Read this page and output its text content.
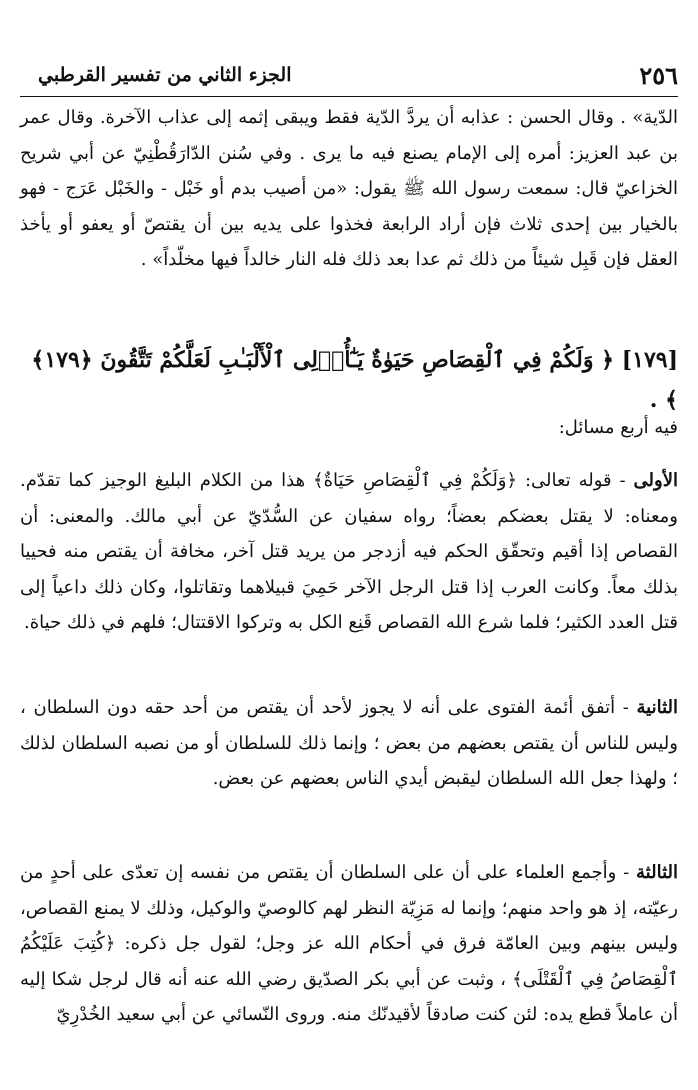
٢٥٦
الجزء الثاني من تفسير القرطبي

الدّية» . وقال الحسن : عذابه أن يردَّ الدّية فقط ويبقى إثمه إلى عذاب الآخرة. وقال عمر بن عبد العزيز: أمره إلى الإمام يصنع فيه ما يرى . وفي سُنن الدّارَقُطْنِيّ عن أبي شريح الخزاعيّ قال: سمعت رسول الله ﷺ يقول: «من أصيب بدم أو خَبْل - والخَبْل عَرَج - فهو بالخيار بين إحدى ثلاث فإن أراد الرابعة فخذوا على يديه بين أن يقتصّ أو يعفو أو يأخذ العقل فإن قَبِل شيئاً من ذلك ثم عدا بعد ذلك فله النار خالداً فيها مخلّداً» .

[١٧٩] ﴿ وَلَكُمْ فِي ٱلْقِصَاصِ حَيَوٰةٌ يَـٰٓأُو۟لِى ٱلْأَلْبَـٰبِ لَعَلَّكُمْ تَتَّقُونَ ﴿١٧٩﴾ ﴾ .

فيه أربع مسائل:

الأولى - قوله تعالى: ﴿وَلَكُمْ فِي ٱلْقِصَاصِ حَيَاةٌ﴾ هذا من الكلام البليغ الوجيز كما تقدّم. ومعناه: لا يقتل بعضكم بعضاً؛ رواه سفيان عن السُّدّيّ عن أبي مالك. والمعنى: أن القصاص إذا أقيم وتحقّق الحكم فيه أزدجر من يريد قتل آخر، مخافة أن يقتص منه فحييا بذلك معاً. وكانت العرب إذا قتل الرجل الآخر حَمِيَ قبيلاهما وتقاتلوا، وكان ذلك داعياً إلى قتل العدد الكثير؛ فلما شرع الله القصاص قَنِع الكل به وتركوا الاقتتال؛ فلهم في ذلك حياة.

الثانية - أتفق أئمة الفتوى على أنه لا يجوز لأحد أن يقتص من أحد حقه دون السلطان ، وليس للناس أن يقتص بعضهم من بعض ؛ وإنما ذلك للسلطان أو من نصبه السلطان لذلك ؛ ولهذا جعل الله السلطان ليقبض أيدي الناس بعضهم عن بعض.

الثالثة - وأجمع العلماء على أن على السلطان أن يقتص من نفسه إن تعدّى على أحدٍ من رعيّته، إذ هو واحد منهم؛ وإنما له مَزِيّة النظر لهم كالوصيّ والوكيل، وذلك لا يمنع القصاص، وليس بينهم وبين العامّة فرق في أحكام الله عز وجل؛ لقول جل ذكره: ﴿كُتِبَ عَلَيْكُمُ ٱلْقِصَاصُ فِي ٱلْقَتْلَى﴾ ، وثبت عن أبي بكر الصدّيق رضي الله عنه أنه قال لرجل شكا إليه أن عاملاً قطع يده: لئن كنت صادقاً لأقيدنّك منه. وروى النّسائي عن أبي سعيد الخُدْرِيّ
